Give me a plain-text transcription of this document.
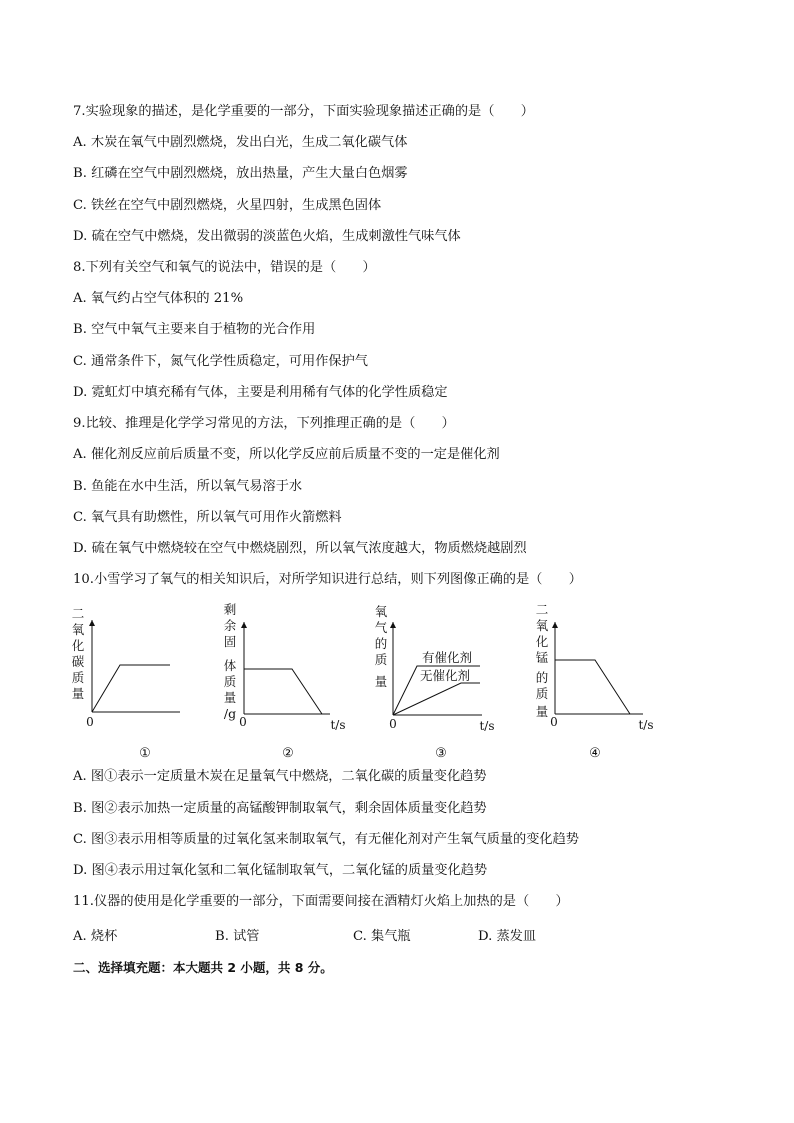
7.实验现象的描述，是化学重要的一部分，下面实验现象描述正确的是（　　）
A. 木炭在氧气中剧烈燃烧，发出白光，生成二氧化碳气体
B. 红磷在空气中剧烈燃烧，放出热量，产生大量白色烟雾
C. 铁丝在空气中剧烈燃烧，火星四射，生成黑色固体
D. 硫在空气中燃烧，发出微弱的淡蓝色火焰，生成刺激性气味气体
8.下列有关空气和氧气的说法中，错误的是（　　）
A. 氧气约占空气体积的 21%
B. 空气中氧气主要来自于植物的光合作用
C. 通常条件下，氮气化学性质稳定，可用作保护气
D. 霓虹灯中填充稀有气体，主要是利用稀有气体的化学性质稳定
9.比较、推理是化学学习常见的方法，下列推理正确的是（　　）
A. 催化剂反应前后质量不变，所以化学反应前后质量不变的一定是催化剂
B. 鱼能在水中生活，所以氧气易溶于水
C. 氧气具有助燃性，所以氧气可用作火箭燃料
D. 硫在氧气中燃烧较在空气中燃烧剧烈，所以氧气浓度越大，物质燃烧越剧烈
10.小雪学习了氧气的相关知识后，对所学知识进行总结，则下列图像正确的是（　　）
二
氧
化
碳
质
量
0
①
剩
余
固
体
质
量
/g
0	t/s
②
氧
气
的
质
量
有催化剂
无催化剂
0	t/s
③
二
氧
化
锰
的
质
量
0	t/s
④
A. 图①表示一定质量木炭在足量氧气中燃烧，二氧化碳的质量变化趋势
B. 图②表示加热一定质量的高锰酸钾制取氧气，剩余固体质量变化趋势
C. 图③表示用相等质量的过氧化氢来制取氧气，有无催化剂对产生氧气质量的变化趋势
D. 图④表示用过氧化氢和二氧化锰制取氧气，二氧化锰的质量变化趋势
11.仪器的使用是化学重要的一部分，下面需要间接在酒精灯火焰上加热的是（　　）
A. 烧杯	B. 试管	C. 集气瓶	D. 蒸发皿
二、选择填充题：本大题共 2 小题，共 8 分。
